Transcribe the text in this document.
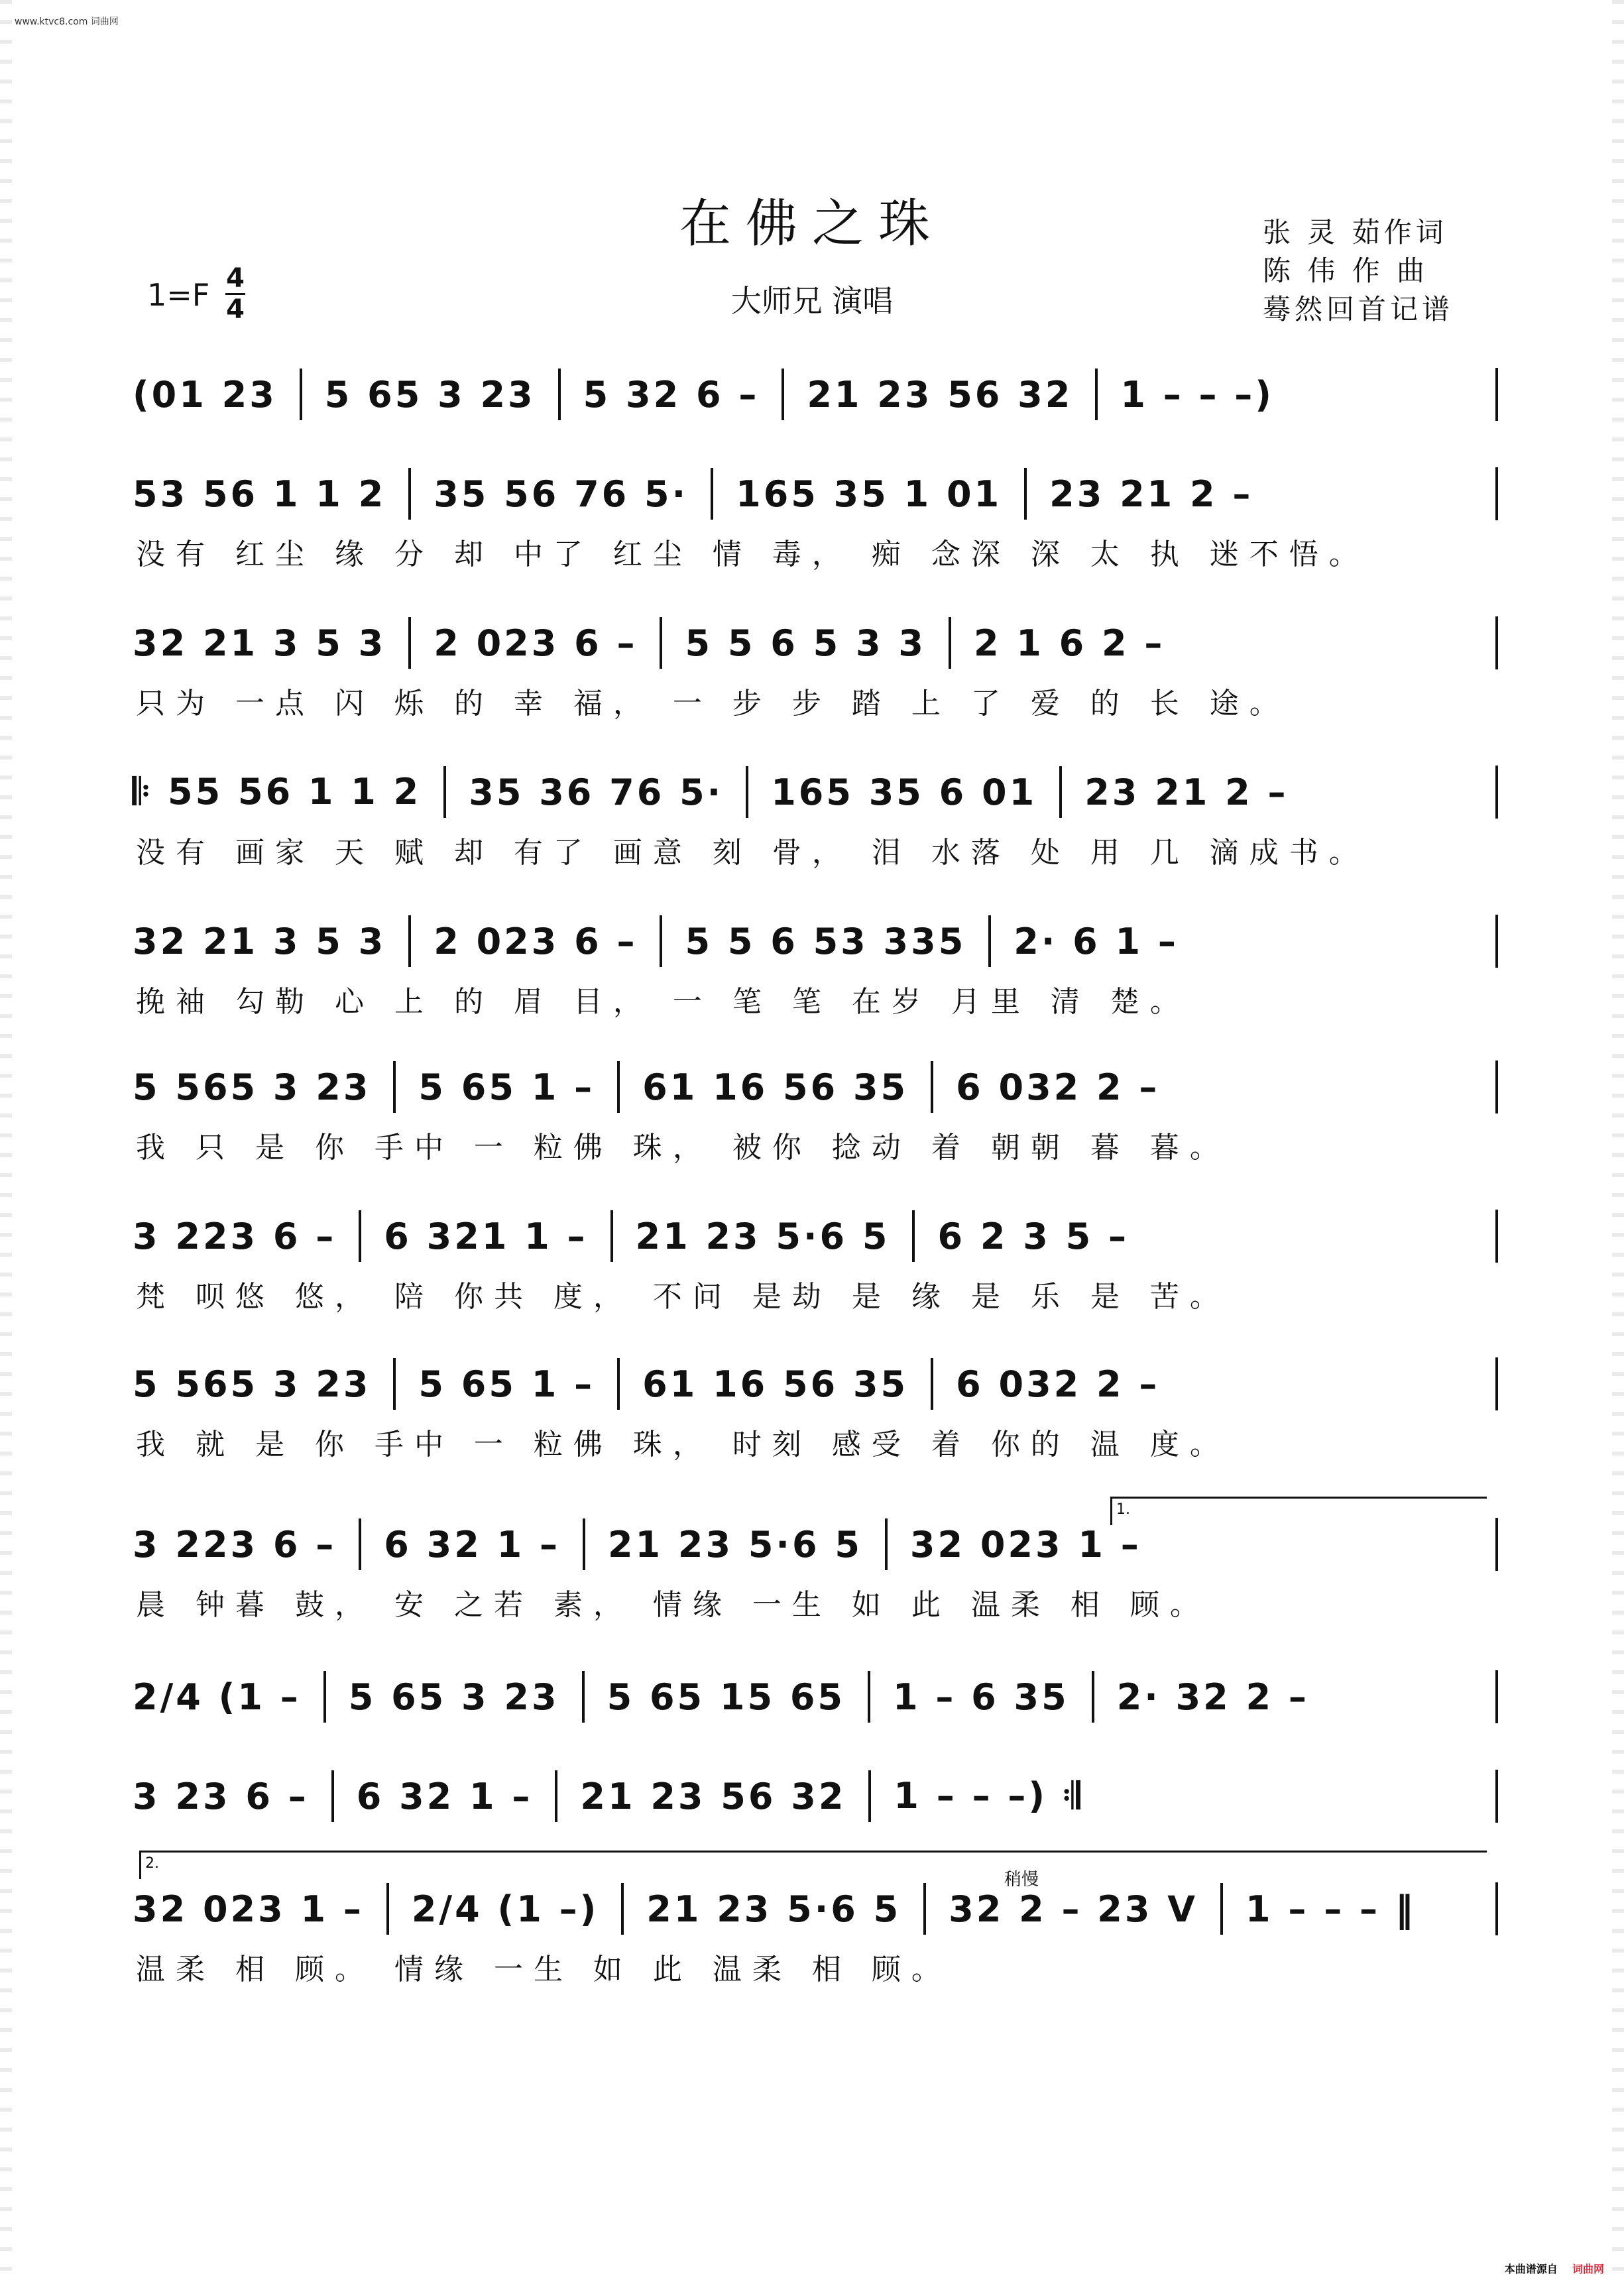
www.ktvc8.com 词曲网
在佛之珠
大师兄 演唱
张 灵 茹作词
陈 伟 作 曲
蓦然回首记谱
1=F 4
4
(01 23 5 65 3 23 5 32 6 – 21 23 56 32 1 – – –)
53 56 1 1 2 35 56 76 5· 165 35 1 01 23 21 2 –
没有 红尘 缘 分 却 中了 红尘 情 毒， 痴 念深 深 太 执 迷不悟。
32 21 3 5 3 2 023 6 – 5 5 6 5 3 3 2 1 6 2 –
只为 一点 闪 烁 的 幸 福， 一 步 步 踏 上 了 爱 的 长 途。
𝄆 55 56 1 1 2 35 36 76 5· 165 35 6 01 23 21 2 –
没有 画家 天 赋 却 有了 画意 刻 骨， 泪 水落 处 用 几 滴成书。
32 21 3 5 3 2 023 6 – 5 5 6 53 335 2· 6 1 –
挽袖 勾勒 心 上 的 眉 目， 一 笔 笔 在岁 月里 清 楚。
5 565 3 23 5 65 1 – 61 16 56 35 6 032 2 –
我 只 是 你 手中 一 粒佛 珠， 被你 捻动 着 朝朝 暮 暮。
3 223 6 – 6 321 1 – 21 23 5·6 5 6 2 3 5 –
梵 呗悠 悠， 陪 你共 度， 不问 是劫 是 缘 是 乐 是 苦。
5 565 3 23 5 65 1 – 61 16 56 35 6 032 2 –
我 就 是 你 手中 一 粒佛 珠， 时刻 感受 着 你的 温 度。
3 223 6 – 6 32 1 – 21 23 5·6 5 32 023 1 –
晨 钟暮 鼓， 安 之若 素， 情缘 一生 如 此 温柔 相 顾。
2/4 (1 – 5 65 3 23 5 65 15 65 1 – 6 35 2· 32 2 –
3 23 6 – 6 32 1 – 21 23 56 32 1 – – –) 𝄇
32 023 1 – 2/4 (1 –) 21 23 5·6 5 32 2 – 23 ᐯ 1 – – – ‖
温柔 相 顾。 情缘 一生 如 此 温柔 相 顾。
1.
2.
稍慢
本曲谱源自 词曲网
